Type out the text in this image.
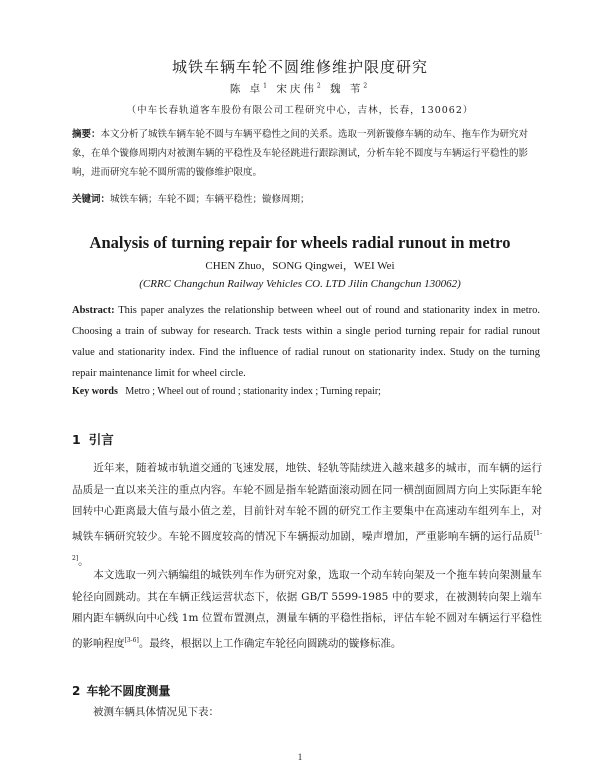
城铁车辆车轮不圆维修维护限度研究
陈 卓$^1$ 宋庆伟$^2$ 魏 苇$^2$
（中车长春轨道客车股份有限公司工程研究中心，吉林，长春，130062）
摘要：本文分析了城铁车辆车轮不圆与车辆平稳性之间的关系。选取一列新镟修车辆的动车、拖车作为研究对象，在单个镟修周期内对被测车辆的平稳性及车轮径跳进行跟踪测试，分析车轮不圆度与车辆运行平稳性的影响，进而研究车轮不圆所需的镟修维护限度。
关键词：城铁车辆；车轮不圆；车辆平稳性；镟修周期；
Analysis of turning repair for wheels radial runout in metro
CHEN Zhuo，SONG Qingwei，WEI Wei
(CRRC Changchun Railway Vehicles CO. LTD Jilin Changchun 130062)
Abstract: This paper analyzes the relationship between wheel out of round and stationarity index in metro. Choosing a train of subway for research. Track tests within a single period turning repair for radial runout value and stationarity index. Find the influence of radial runout on stationarity index. Study on the turning repair maintenance limit for wheel circle.
Key words Metro ; Wheel out of round ; stationarity index ; Turning repair;
1 引言
近年来，随着城市轨道交通的飞速发展，地铁、轻轨等陆续进入越来越多的城市，而车辆的运行品质是一直以来关注的重点内容。车轮不圆是指车轮踏面滚动圆在同一横剖面圆周方向上实际距车轮回转中心距离最大值与最小值之差，目前针对车轮不圆的研究工作主要集中在高速动车组列车上，对城铁车辆研究较少。车轮不圆度较高的情况下车辆振动加剧，噪声增加，严重影响车辆的运行品质[1-2]。
本文选取一列六辆编组的城铁列车作为研究对象，选取一个动车转向架及一个拖车转向架测量车轮径向圆跳动。其在车辆正线运营状态下，依据 GB/T 5599-1985 中的要求，在被测转向架上端车厢内距车辆纵向中心线 1m 位置布置测点，测量车辆的平稳性指标，评估车轮不圆对车辆运行平稳性的影响程度[3-6]。最终，根据以上工作确定车轮径向圆跳动的镟修标准。
2 车轮不圆度测量
被测车辆具体情况见下表：
1
